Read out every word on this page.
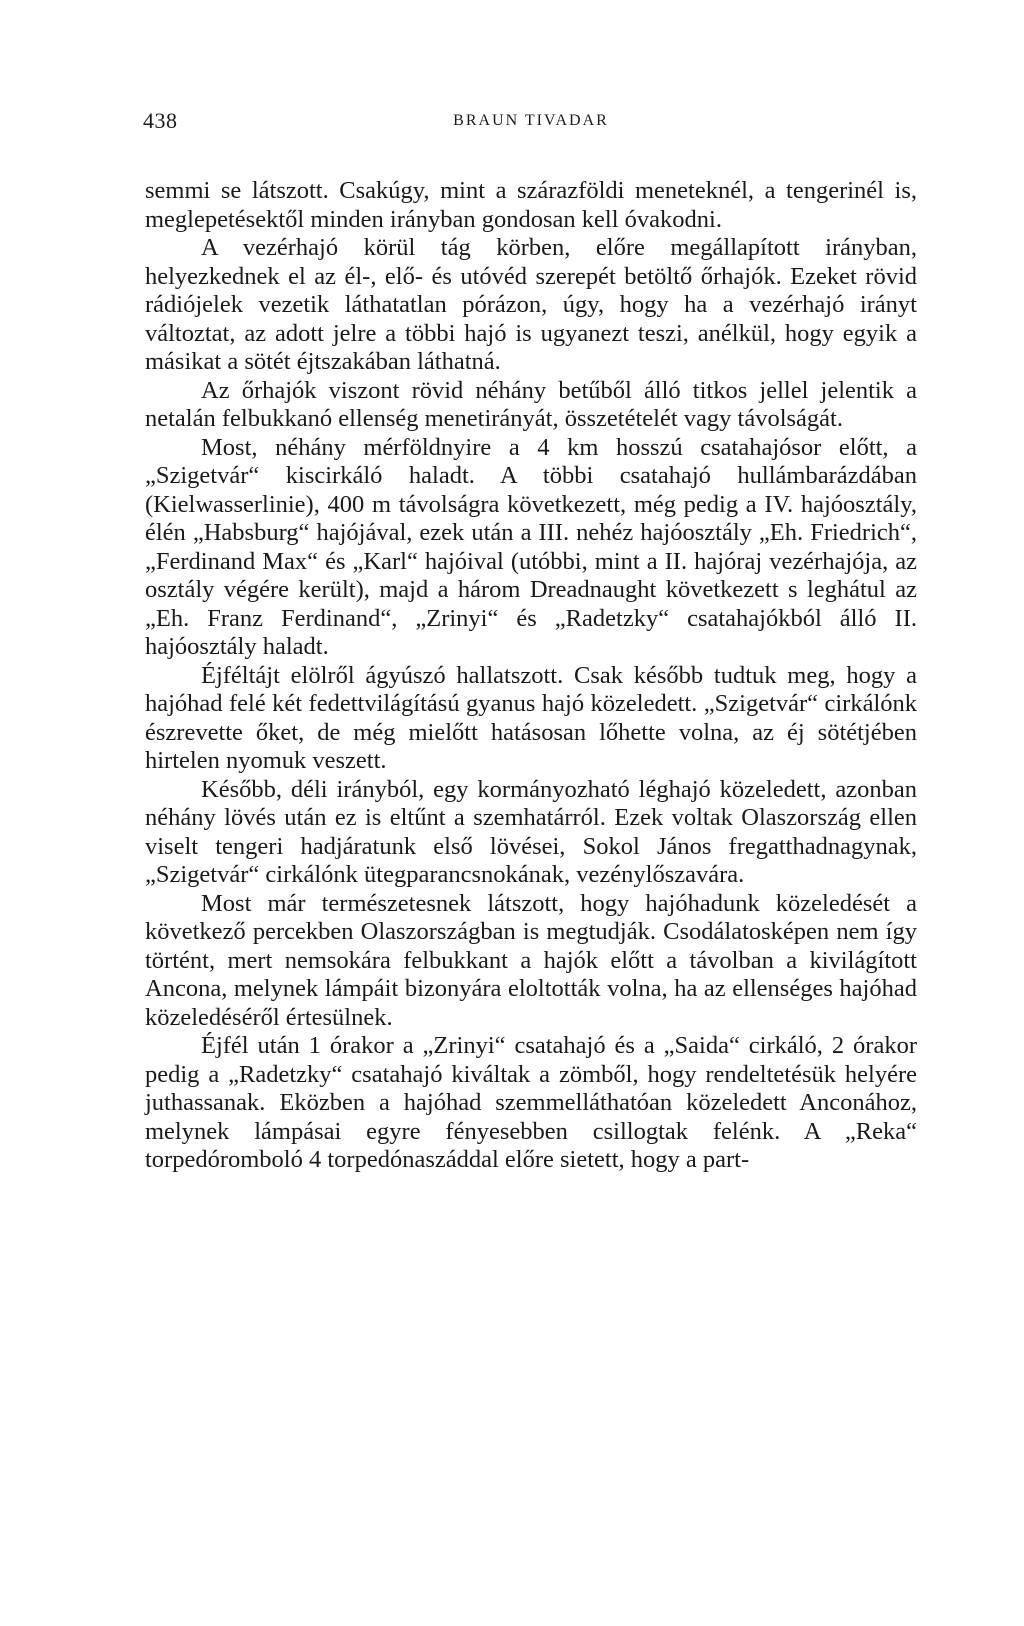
438	BRAUN TIVADAR

semmi se látszott. Csakúgy, mint a szárazföldi meneteknél, a tengerinél is, meglepetésektől minden irányban gondosan kell óvakodni.

A vezérhajó körül tág körben, előre megállapított irányban, helyezkednek el az él-, elő- és utóvéd szerepét betöltő őrhajók. Ezeket rövid rádiójelek vezetik láthatatlan pórázon, úgy, hogy ha a vezérhajó irányt változtat, az adott jelre a többi hajó is ugyanezt teszi, anélkül, hogy egyik a másikat a sötét éjtszakában láthatná.

Az őrhajók viszont rövid néhány betűből álló titkos jellel jelentik a netalán felbukkanó ellenség menetirányát, összetételét vagy távolságát.

Most, néhány mérföldnyire a 4 km hosszú csatahajósor előtt, a „Szigetvár“ kiscirkáló haladt. A többi csatahajó hullámbarázdában (Kielwasserlinie), 400 m távolságra következett, még pedig a IV. hajóosztály, élén „Habsburg“ hajójával, ezek után a III. nehéz hajóosztály „Eh. Friedrich“, „Ferdinand Max“ és „Karl“ hajóival (utóbbi, mint a II. hajóraj vezérhajója, az osztály végére került), majd a három Dreadnaught következett s leghátul az „Eh. Franz Ferdinand“, „Zrinyi“ és „Radetzky“ csatahajókból álló II. hajóosztály haladt.

Éjféltájt elölről ágyúszó hallatszott. Csak később tudtuk meg, hogy a hajóhad felé két fedettvilágítású gyanus hajó közeledett. „Szigetvár“ cirkálónk észrevette őket, de még mielőtt hatásosan lőhette volna, az éj sötétjében hirtelen nyomuk veszett.

Később, déli irányból, egy kormányozható léghajó közeledett, azonban néhány lövés után ez is eltűnt a szemhatárról. Ezek voltak Olaszország ellen viselt tengeri hadjáratunk első lövései, Sokol János fregatthadnagynak, „Szigetvár“ cirkálónk ütegparancsnokának, vezénylőszavára.

Most már természetesnek látszott, hogy hajóhadunk közeledését a következő percekben Olaszországban is megtudják. Csodálatosképen nem így történt, mert nemsokára felbukkant a hajók előtt a távolban a kivilágított Ancona, melynek lámpáit bizonyára eloltották volna, ha az ellenséges hajóhad közeledéséről értesülnek.

Éjfél után 1 órakor a „Zrinyi“ csatahajó és a „Saida“ cirkáló, 2 órakor pedig a „Radetzky“ csatahajó kiváltak a zömből, hogy rendeltetésük helyére juthassanak. Eközben a hajóhad szemmelláthatóan közeledett Anconához, melynek lámpásai egyre fényesebben csillogtak felénk. A „Reka“ torpedóromboló 4 torpedónaszáddal előre sietett, hogy a part-
